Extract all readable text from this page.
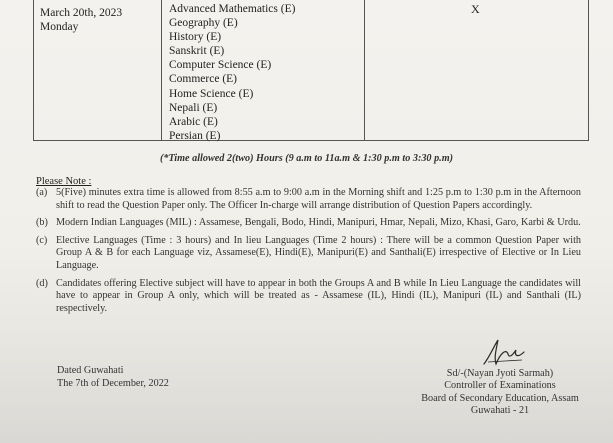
March 20th, 2023
Monday
Advanced Mathematics (E)
Geography (E)
History (E)
Sanskrit (E)
Computer Science (E)
Commerce (E)
Home Science (E)
Nepali (E)
Arabic (E)
Persian (E)
X
(*Time allowed 2(two) Hours (9 a.m to 11a.m & 1:30 p.m to 3:30 p.m)
Please Note :
(a) 5(Five) minutes extra time is allowed from 8:55 a.m to 9:00 a.m in the Morning shift and 1:25 p.m to 1:30 p.m in the Afternoon shift to read the Question Paper only. The Officer In-charge will arrange distribution of Question Papers accordingly.
(b) Modern Indian Languages (MIL) : Assamese, Bengali, Bodo, Hindi, Manipuri, Hmar, Nepali, Mizo, Khasi, Garo, Karbi & Urdu.
(c) Elective Languages (Time : 3 hours) and In lieu Languages (Time 2 hours) : There will be a common Question Paper with Group A & B for each Language viz, Assamese(E), Hindi(E), Manipuri(E) and Santhali(E) irrespective of Elective or In Lieu Language.
(d) Candidates offering Elective subject will have to appear in both the Groups A and B while In Lieu Language the candidates will have to appear in Group A only, which will be treated as - Assamese (IL), Hindi (IL), Manipuri (IL) and Santhali (IL) respectively.
Dated Guwahati
The 7th of December, 2022
Sd/-(Nayan Jyoti Sarmah)
Controller of Examinations
Board of Secondary Education, Assam
Guwahati - 21
